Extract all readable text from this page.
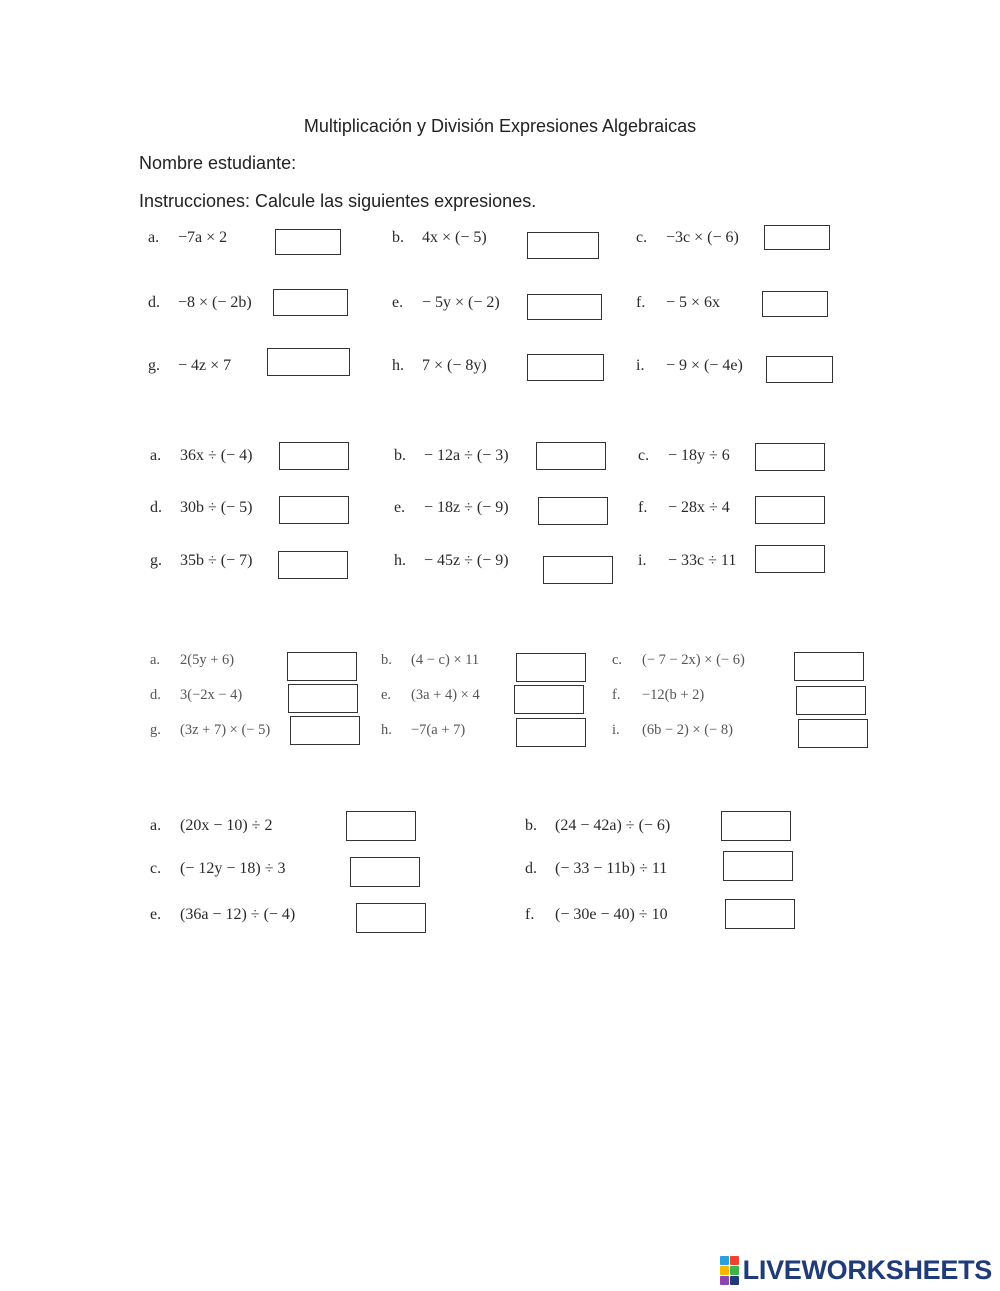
Multiplicación y División Expresiones Algebraicas
Nombre estudiante:
Instrucciones: Calcule las siguientes expresiones.
a. −7a × 2	b. 4x × (− 5)	c. −3c × (− 6)
d. −8 × (− 2b)	e. − 5y × (− 2)	f. − 5 × 6x
g. − 4z × 7	h. 7 × (− 8y)	i. − 9 × (− 4e)
a. 36x ÷ (− 4)	b. − 12a ÷ (− 3)	c. − 18y ÷ 6
d. 30b ÷ (− 5)	e. − 18z ÷ (− 9)	f. − 28x ÷ 4
g. 35b ÷ (− 7)	h. − 45z ÷ (− 9)	i. − 33c ÷ 11
a. 2(5y + 6)	b. (4 − c) × 11	c. (− 7 − 2x) × (− 6)
d. 3(−2x − 4)	e. (3a + 4) × 4	f. −12(b + 2)
g. (3z + 7) × (− 5)	h. −7(a + 7)	i. (6b − 2) × (− 8)
a. (20x − 10) ÷ 2	b. (24 − 42a) ÷ (− 6)
c. (− 12y − 18) ÷ 3	d. (− 33 − 11b) ÷ 11
e. (36a − 12) ÷ (− 4)	f. (− 30e − 40) ÷ 10
LIVEWORKSHEETS
